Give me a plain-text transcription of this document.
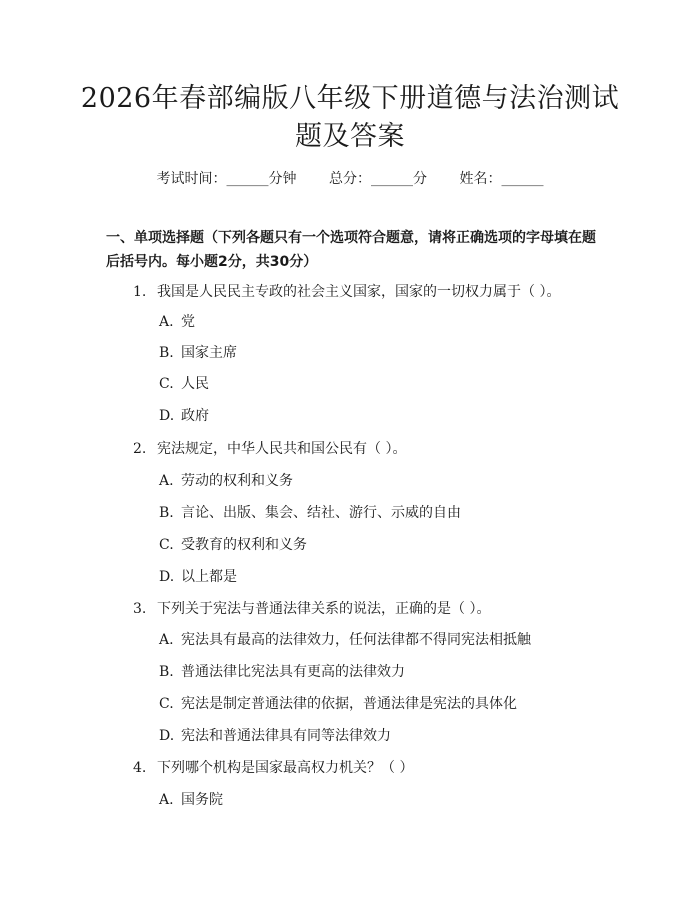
2026年春部编版八年级下册道德与法治测试
题及答案
考试时间：______分钟 总分：______分 姓名：______
一、单项选择题（下列各题只有一个选项符合题意，请将正确选项的字母填在题后括号内。每小题2分，共30分）
1. 我国是人民民主专政的社会主义国家，国家的一切权力属于（ ）。
A. 党
B. 国家主席
C. 人民
D. 政府
2. 宪法规定，中华人民共和国公民有（ ）。
A. 劳动的权利和义务
B. 言论、出版、集会、结社、游行、示威的自由
C. 受教育的权利和义务
D. 以上都是
3. 下列关于宪法与普通法律关系的说法，正确的是（ ）。
A. 宪法具有最高的法律效力，任何法律都不得同宪法相抵触
B. 普通法律比宪法具有更高的法律效力
C. 宪法是制定普通法律的依据，普通法律是宪法的具体化
D. 宪法和普通法律具有同等法律效力
4. 下列哪个机构是国家最高权力机关？（ ）
A. 国务院
